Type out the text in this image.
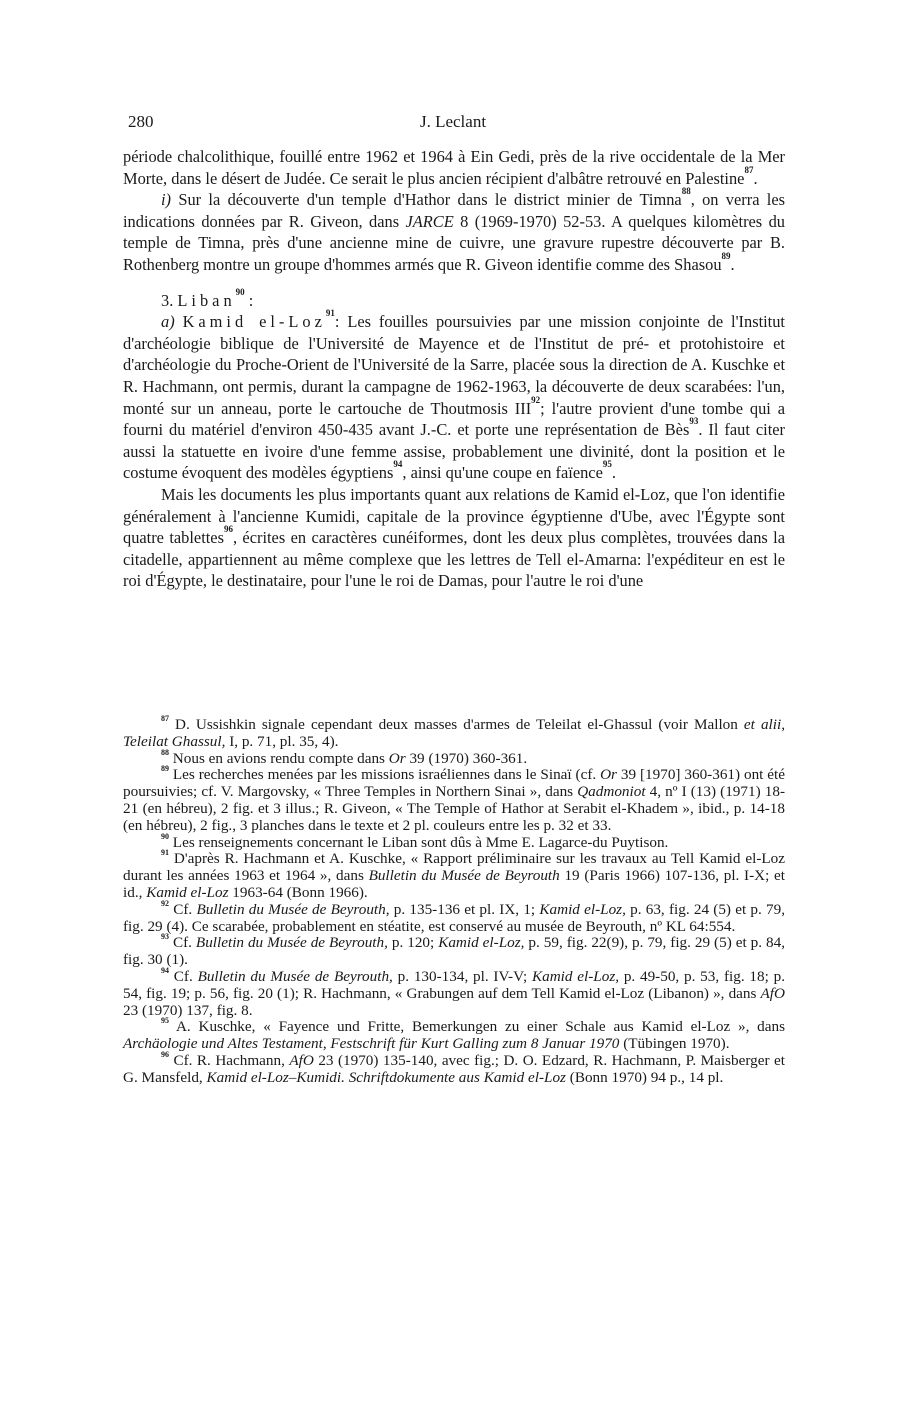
280	J. Leclant

période chalcolithique, fouillé entre 1962 et 1964 à Ein Gedi, près de la rive occidentale de la Mer Morte, dans le désert de Judée. Ce serait le plus ancien récipient d'albâtre retrouvé en Palestine$^{87}$.

i) Sur la découverte d'un temple d'Hathor dans le district minier de Timna$^{88}$, on verra les indications données par R. Giveon, dans JARCE 8 (1969-1970) 52-53. A quelques kilomètres du temple de Timna, près d'une ancienne mine de cuivre, une gravure rupestre découverte par B. Rothenberg montre un groupe d'hommes armés que R. Giveon identifie comme des Shasou$^{89}$.

3. Liban$^{90}$ :

a) Kamid el-Loz$^{91}$: Les fouilles poursuivies par une mission conjointe de l'Institut d'archéologie biblique de l'Université de Mayence et de l'Institut de pré- et protohistoire et d'archéologie du Proche-Orient de l'Université de la Sarre, placée sous la direction de A. Kuschke et R. Hachmann, ont permis, durant la campagne de 1962-1963, la découverte de deux scarabées: l'un, monté sur un anneau, porte le cartouche de Thoutmosis III$^{92}$; l'autre provient d'une tombe qui a fourni du matériel d'environ 450-435 avant J.-C. et porte une représentation de Bès$^{93}$. Il faut citer aussi la statuette en ivoire d'une femme assise, probablement une divinité, dont la position et le costume évoquent des modèles égyptiens$^{94}$, ainsi qu'une coupe en faïence$^{95}$.

Mais les documents les plus importants quant aux relations de Kamid el-Loz, que l'on identifie généralement à l'ancienne Kumidi, capitale de la province égyptienne d'Ube, avec l'Égypte sont quatre tablettes$^{96}$, écrites en caractères cunéiformes, dont les deux plus complètes, trouvées dans la citadelle, appartiennent au même complexe que les lettres de Tell el-Amarna: l'expéditeur en est le roi d'Égypte, le destinataire, pour l'une le roi de Damas, pour l'autre le roi d'une

$^{87}$ D. Ussishkin signale cependant deux masses d'armes de Teleilat el-Ghassul (voir Mallon et alii, Teleilat Ghassul, I, p. 71, pl. 35, 4).

$^{88}$ Nous en avions rendu compte dans Or 39 (1970) 360-361.

$^{89}$ Les recherches menées par les missions israéliennes dans le Sinaï (cf. Or 39 [1970] 360-361) ont été poursuivies; cf. V. Margovsky, « Three Temples in Northern Sinai », dans Qadmoniot 4, nº I (13) (1971) 18-21 (en hébreu), 2 fig. et 3 illus.; R. Giveon, « The Temple of Hathor at Serabit el-Khadem », ibid., p. 14-18 (en hébreu), 2 fig., 3 planches dans le texte et 2 pl. couleurs entre les p. 32 et 33.

$^{90}$ Les renseignements concernant le Liban sont dûs à Mme E. Lagarce-du Puytison.

$^{91}$ D'après R. Hachmann et A. Kuschke, « Rapport préliminaire sur les travaux au Tell Kamid el-Loz durant les années 1963 et 1964 », dans Bulletin du Musée de Beyrouth 19 (Paris 1966) 107-136, pl. I-X; et id., Kamid el-Loz 1963-64 (Bonn 1966).

$^{92}$ Cf. Bulletin du Musée de Beyrouth, p. 135-136 et pl. IX, 1; Kamid el-Loz, p. 63, fig. 24 (5) et p. 79, fig. 29 (4). Ce scarabée, probablement en stéatite, est conservé au musée de Beyrouth, nº KL 64:554.

$^{93}$ Cf. Bulletin du Musée de Beyrouth, p. 120; Kamid el-Loz, p. 59, fig. 22(9), p. 79, fig. 29 (5) et p. 84, fig. 30 (1).

$^{94}$ Cf. Bulletin du Musée de Beyrouth, p. 130-134, pl. IV-V; Kamid el-Loz, p. 49-50, p. 53, fig. 18; p. 54, fig. 19; p. 56, fig. 20 (1); R. Hachmann, « Grabungen auf dem Tell Kamid el-Loz (Libanon) », dans AfO 23 (1970) 137, fig. 8.

$^{95}$ A. Kuschke, « Fayence und Fritte, Bemerkungen zu einer Schale aus Kamid el-Loz », dans Archäologie und Altes Testament, Festschrift für Kurt Galling zum 8 Januar 1970 (Tübingen 1970).

$^{96}$ Cf. R. Hachmann, AfO 23 (1970) 135-140, avec fig.; D. O. Edzard, R. Hachmann, P. Maisberger et G. Mansfeld, Kamid el-Loz–Kumidi. Schriftdokumente aus Kamid el-Loz (Bonn 1970) 94 p., 14 pl.
